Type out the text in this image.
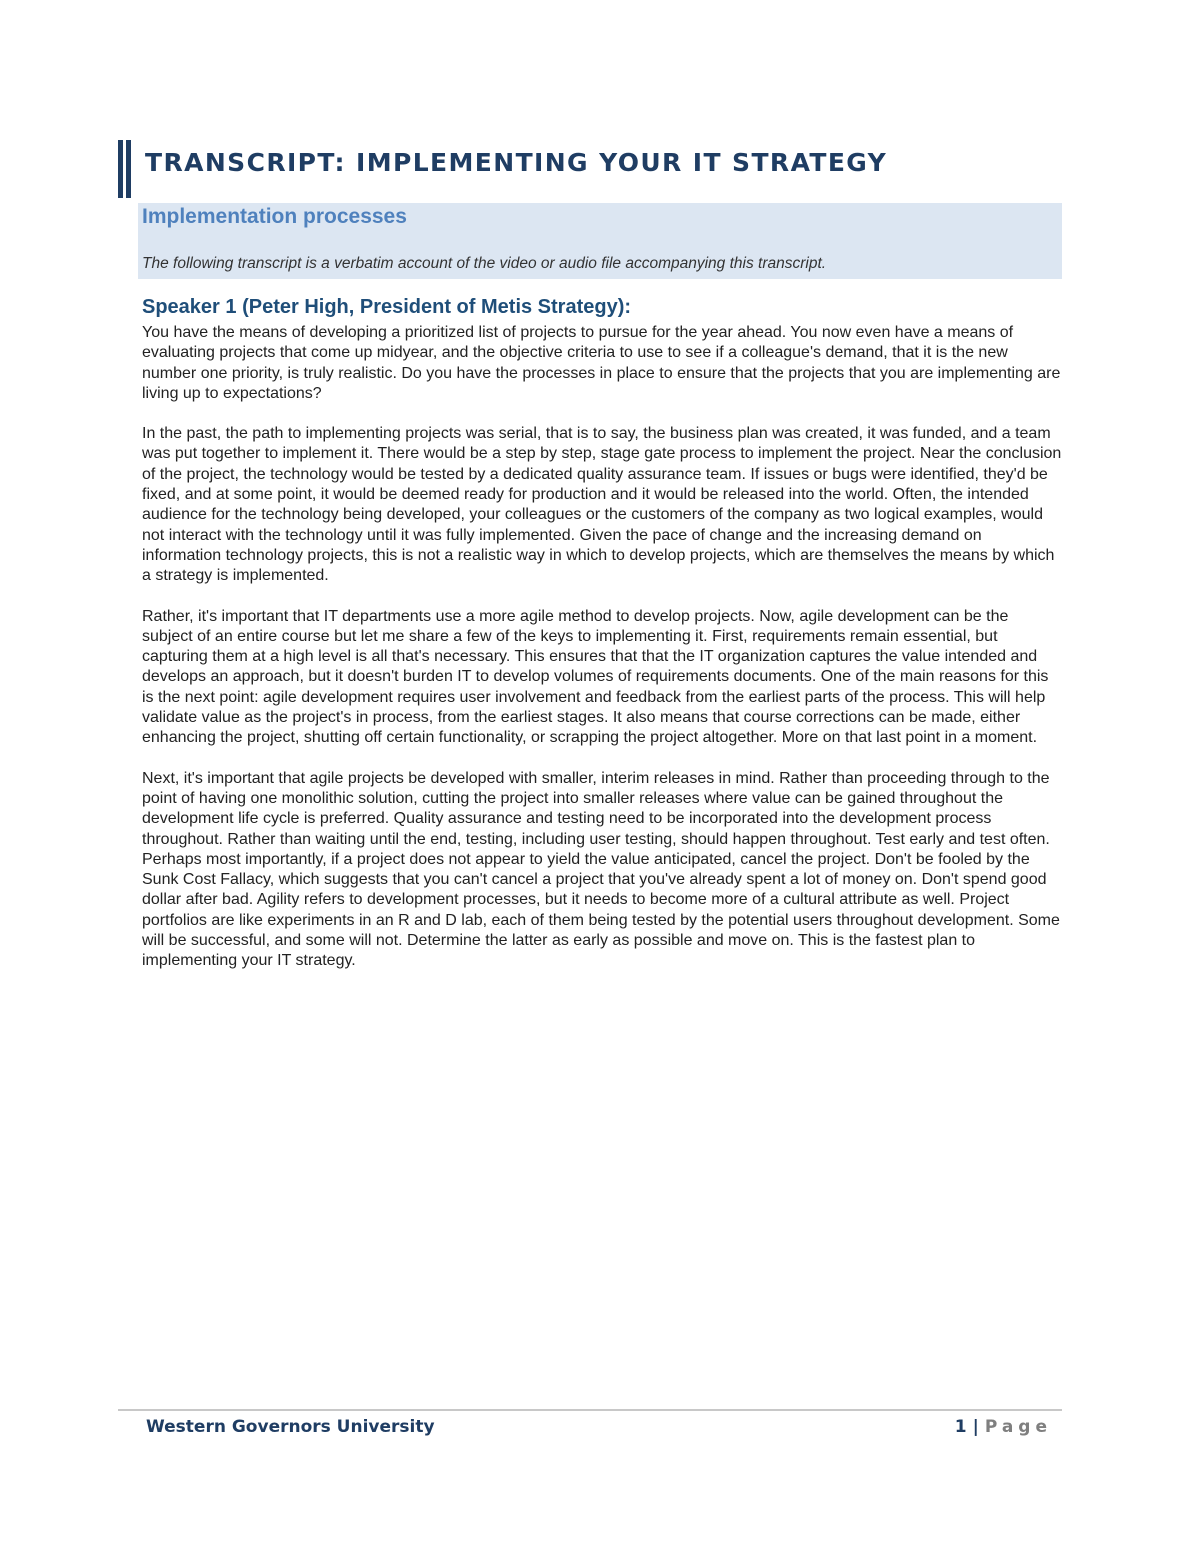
TRANSCRIPT: IMPLEMENTING YOUR IT STRATEGY
Implementation processes

The following transcript is a verbatim account of the video or audio file accompanying this transcript.

Speaker 1 (Peter High, President of Metis Strategy):

You have the means of developing a prioritized list of projects to pursue for the year ahead. You now even have a means of evaluating projects that come up midyear, and the objective criteria to use to see if a colleague's demand, that it is the new number one priority, is truly realistic. Do you have the processes in place to ensure that the projects that you are implementing are living up to expectations?

In the past, the path to implementing projects was serial, that is to say, the business plan was created, it was funded, and a team was put together to implement it. There would be a step by step, stage gate process to implement the project. Near the conclusion of the project, the technology would be tested by a dedicated quality assurance team. If issues or bugs were identified, they'd be fixed, and at some point, it would be deemed ready for production and it would be released into the world. Often, the intended audience for the technology being developed, your colleagues or the customers of the company as two logical examples, would not interact with the technology until it was fully implemented. Given the pace of change and the increasing demand on information technology projects, this is not a realistic way in which to develop projects, which are themselves the means by which a strategy is implemented.

Rather, it's important that IT departments use a more agile method to develop projects. Now, agile development can be the subject of an entire course but let me share a few of the keys to implementing it. First, requirements remain essential, but capturing them at a high level is all that's necessary. This ensures that that the IT organization captures the value intended and develops an approach, but it doesn't burden IT to develop volumes of requirements documents. One of the main reasons for this is the next point: agile development requires user involvement and feedback from the earliest parts of the process. This will help validate value as the project's in process, from the earliest stages. It also means that course corrections can be made, either enhancing the project, shutting off certain functionality, or scrapping the project altogether. More on that last point in a moment.

Next, it's important that agile projects be developed with smaller, interim releases in mind. Rather than proceeding through to the point of having one monolithic solution, cutting the project into smaller releases where value can be gained throughout the development life cycle is preferred. Quality assurance and testing need to be incorporated into the development process throughout. Rather than waiting until the end, testing, including user testing, should happen throughout. Test early and test often. Perhaps most importantly, if a project does not appear to yield the value anticipated, cancel the project. Don't be fooled by the Sunk Cost Fallacy, which suggests that you can't cancel a project that you've already spent a lot of money on. Don't spend good dollar after bad. Agility refers to development processes, but it needs to become more of a cultural attribute as well. Project portfolios are like experiments in an R and D lab, each of them being tested by the potential users throughout development. Some will be successful, and some will not. Determine the latter as early as possible and move on. This is the fastest plan to implementing your IT strategy.

Western Governors University	1 | Page
